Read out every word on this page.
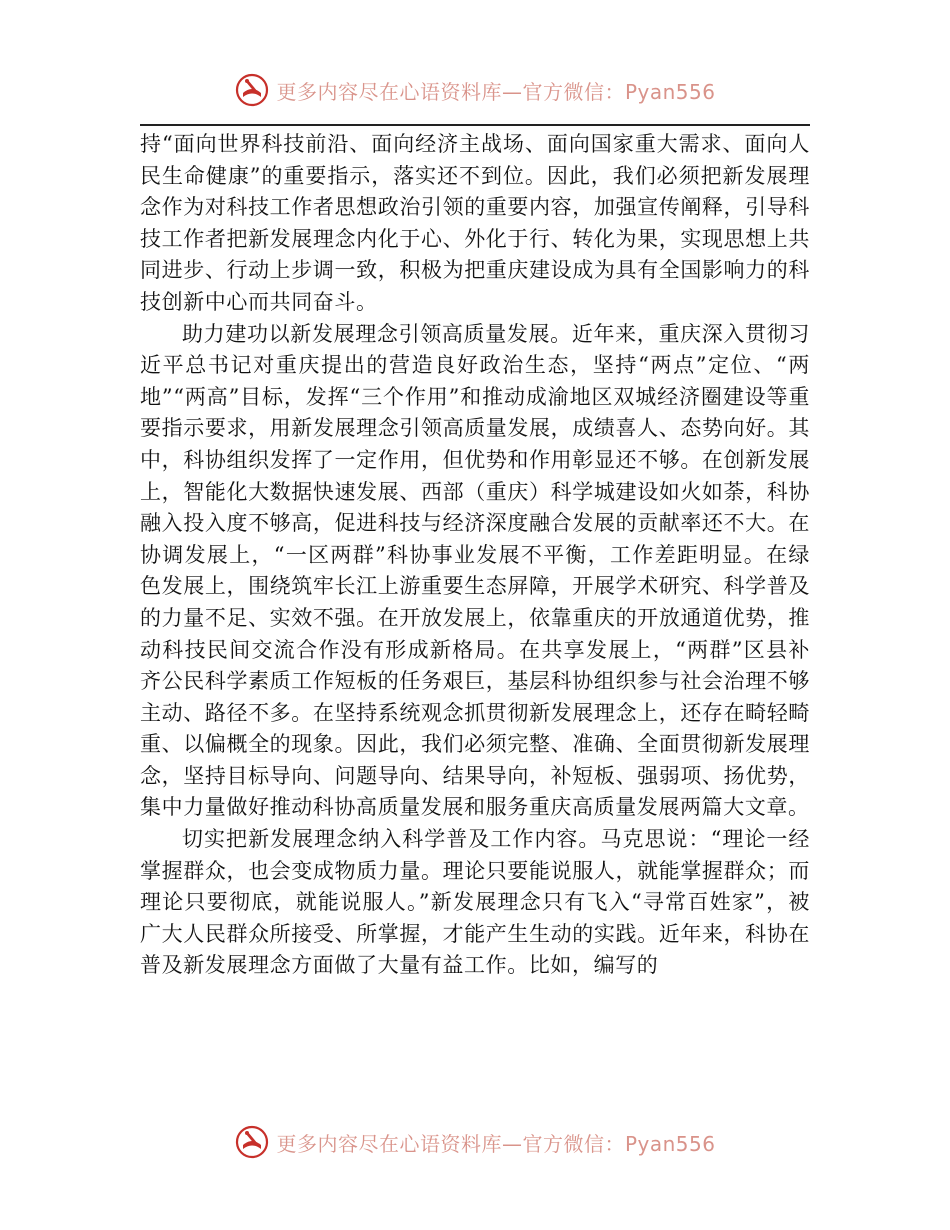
更多内容尽在心语资料库—官方微信：Pyan556

持“面向世界科技前沿、面向经济主战场、面向国家重大需求、面向人民生命健康”的重要指示，落实还不到位。因此，我们必须把新发展理念作为对科技工作者思想政治引领的重要内容，加强宣传阐释，引导科技工作者把新发展理念内化于心、外化于行、转化为果，实现思想上共同进步、行动上步调一致，积极为把重庆建设成为具有全国影响力的科技创新中心而共同奋斗。

助力建功以新发展理念引领高质量发展。近年来，重庆深入贯彻习近平总书记对重庆提出的营造良好政治生态，坚持“两点”定位、“两地”“两高”目标，发挥“三个作用”和推动成渝地区双城经济圈建设等重要指示要求，用新发展理念引领高质量发展，成绩喜人、态势向好。其中，科协组织发挥了一定作用，但优势和作用彰显还不够。在创新发展上，智能化大数据快速发展、西部（重庆）科学城建设如火如荼，科协融入投入度不够高，促进科技与经济深度融合发展的贡献率还不大。在协调发展上，“一区两群”科协事业发展不平衡，工作差距明显。在绿色发展上，围绕筑牢长江上游重要生态屏障，开展学术研究、科学普及的力量不足、实效不强。在开放发展上，依靠重庆的开放通道优势，推动科技民间交流合作没有形成新格局。在共享发展上，“两群”区县补齐公民科学素质工作短板的任务艰巨，基层科协组织参与社会治理不够主动、路径不多。在坚持系统观念抓贯彻新发展理念上，还存在畸轻畸重、以偏概全的现象。因此，我们必须完整、准确、全面贯彻新发展理念，坚持目标导向、问题导向、结果导向，补短板、强弱项、扬优势，集中力量做好推动科协高质量发展和服务重庆高质量发展两篇大文章。

切实把新发展理念纳入科学普及工作内容。马克思说：“理论一经掌握群众，也会变成物质力量。理论只要能说服人，就能掌握群众；而理论只要彻底，就能说服人。”新发展理念只有飞入“寻常百姓家”，被广大人民群众所接受、所掌握，才能产生生动的实践。近年来，科协在普及新发展理念方面做了大量有益工作。比如，编写的

更多内容尽在心语资料库—官方微信：Pyan556
